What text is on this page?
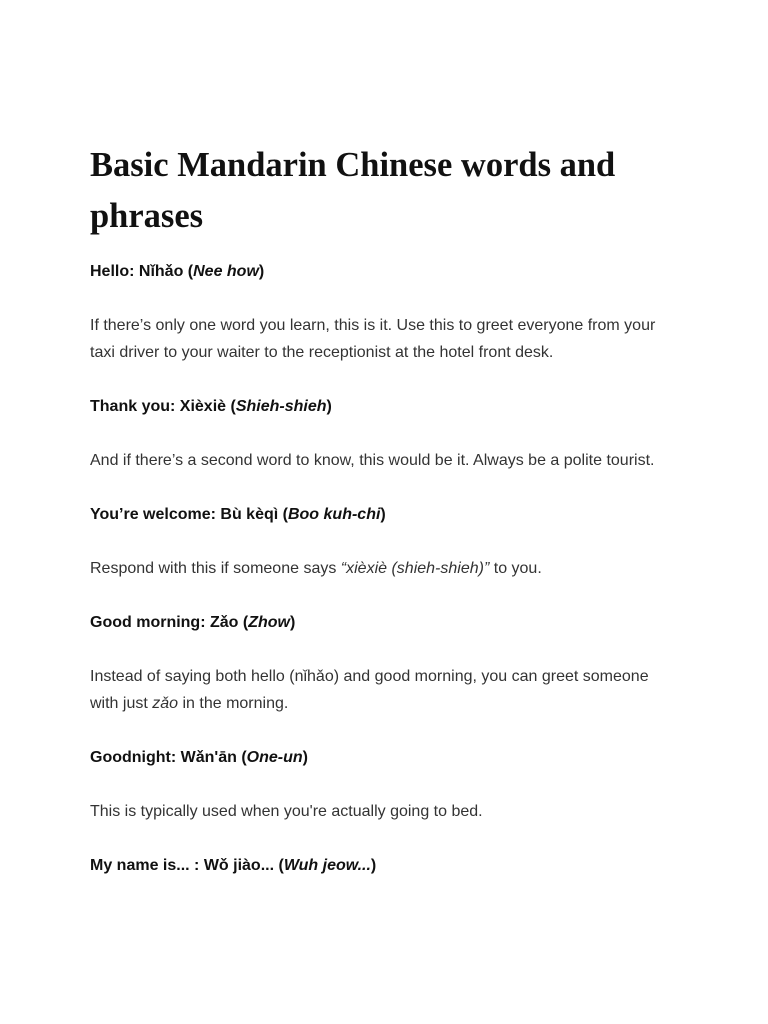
Basic Mandarin Chinese words and phrases

Hello: Nǐhǎo (Nee how)

If there’s only one word you learn, this is it. Use this to greet everyone from your taxi driver to your waiter to the receptionist at the hotel front desk.

Thank you: Xièxiè (Shieh-shieh)

And if there’s a second word to know, this would be it. Always be a polite tourist.

You’re welcome: Bù kèqì (Boo kuh-chi)

Respond with this if someone says “xièxiè (shieh-shieh)” to you.

Good morning: Zǎo (Zhow)

Instead of saying both hello (nǐhǎo) and good morning, you can greet someone with just zǎo in the morning.

Goodnight: Wǎn'ān (One-un)

This is typically used when you're actually going to bed.

My name is... : Wǒ jiào... (Wuh jeow...)
